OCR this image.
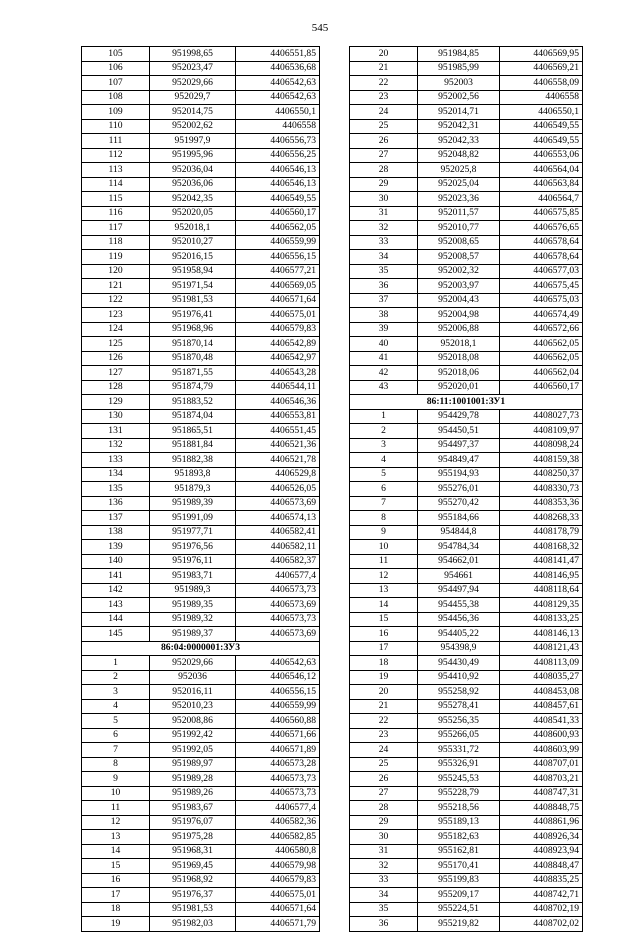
545
105	951998,65	4406551,85
106	952023,47	4406536,68
107	952029,66	4406542,63
108	952029,7	4406542,63
109	952014,75	4406550,1
110	952002,62	4406558
111	951997,9	4406556,73
112	951995,96	4406556,25
113	952036,04	4406546,13
114	952036,06	4406546,13
115	952042,35	4406549,55
116	952020,05	4406560,17
117	952018,1	4406562,05
118	952010,27	4406559,99
119	952016,15	4406556,15
120	951958,94	4406577,21
121	951971,54	4406569,05
122	951981,53	4406571,64
123	951976,41	4406575,01
124	951968,96	4406579,83
125	951870,14	4406542,89
126	951870,48	4406542,97
127	951871,55	4406543,28
128	951874,79	4406544,11
129	951883,52	4406546,36
130	951874,04	4406553,81
131	951865,51	4406551,45
132	951881,84	4406521,36
133	951882,38	4406521,78
134	951893,8	4406529,8
135	951879,3	4406526,05
136	951989,39	4406573,69
137	951991,09	4406574,13
138	951977,71	4406582,41
139	951976,56	4406582,11
140	951976,11	4406582,37
141	951983,71	4406577,4
142	951989,3	4406573,73
143	951989,35	4406573,69
144	951989,32	4406573,73
145	951989,37	4406573,69
86:04:0000001:ЗУ3		
1	952029,66	4406542,63
2	952036	4406546,12
3	952016,11	4406556,15
4	952010,23	4406559,99
5	952008,86	4406560,88
6	951992,42	4406571,66
7	951992,05	4406571,89
8	951989,97	4406573,28
9	951989,28	4406573,73
10	951989,26	4406573,73
11	951983,67	4406577,4
12	951976,07	4406582,36
13	951975,28	4406582,85
14	951968,31	4406580,8
15	951969,45	4406579,98
16	951968,92	4406579,83
17	951976,37	4406575,01
18	951981,53	4406571,64
19	951982,03	4406571,79
20	951984,85	4406569,95
21	951985,99	4406569,21
22	952003	4406558,09
23	952002,56	4406558
24	952014,71	4406550,1
25	952042,31	4406549,55
26	952042,33	4406549,55
27	952048,82	4406553,06
28	952025,8	4406564,04
29	952025,04	4406563,84
30	952023,36	4406564,7
31	952011,57	4406575,85
32	952010,77	4406576,65
33	952008,65	4406578,64
34	952008,57	4406578,64
35	952002,32	4406577,03
36	952003,97	4406575,45
37	952004,43	4406575,03
38	952004,98	4406574,49
39	952006,88	4406572,66
40	952018,1	4406562,05
41	952018,08	4406562,05
42	952018,06	4406562,04
43	952020,01	4406560,17
86:11:1001001:ЗУ1		
1	954429,78	4408027,73
2	954450,51	4408109,97
3	954497,37	4408098,24
4	954849,47	4408159,38
5	955194,93	4408250,37
6	955276,01	4408330,73
7	955270,42	4408353,36
8	955184,66	4408268,33
9	954844,8	4408178,79
10	954784,34	4408168,32
11	954662,01	4408141,47
12	954661	4408146,95
13	954497,94	4408118,64
14	954455,38	4408129,35
15	954456,36	4408133,25
16	954405,22	4408146,13
17	954398,9	4408121,43
18	954430,49	4408113,09
19	954410,92	4408035,27
20	955258,92	4408453,08
21	955278,41	4408457,61
22	955256,35	4408541,33
23	955266,05	4408600,93
24	955331,72	4408603,99
25	955326,91	4408707,01
26	955245,53	4408703,21
27	955228,79	4408747,31
28	955218,56	4408848,75
29	955189,13	4408861,96
30	955182,63	4408926,34
31	955162,81	4408923,94
32	955170,41	4408848,47
33	955199,83	4408835,25
34	955209,17	4408742,71
35	955224,51	4408702,19
36	955219,82	4408702,02
